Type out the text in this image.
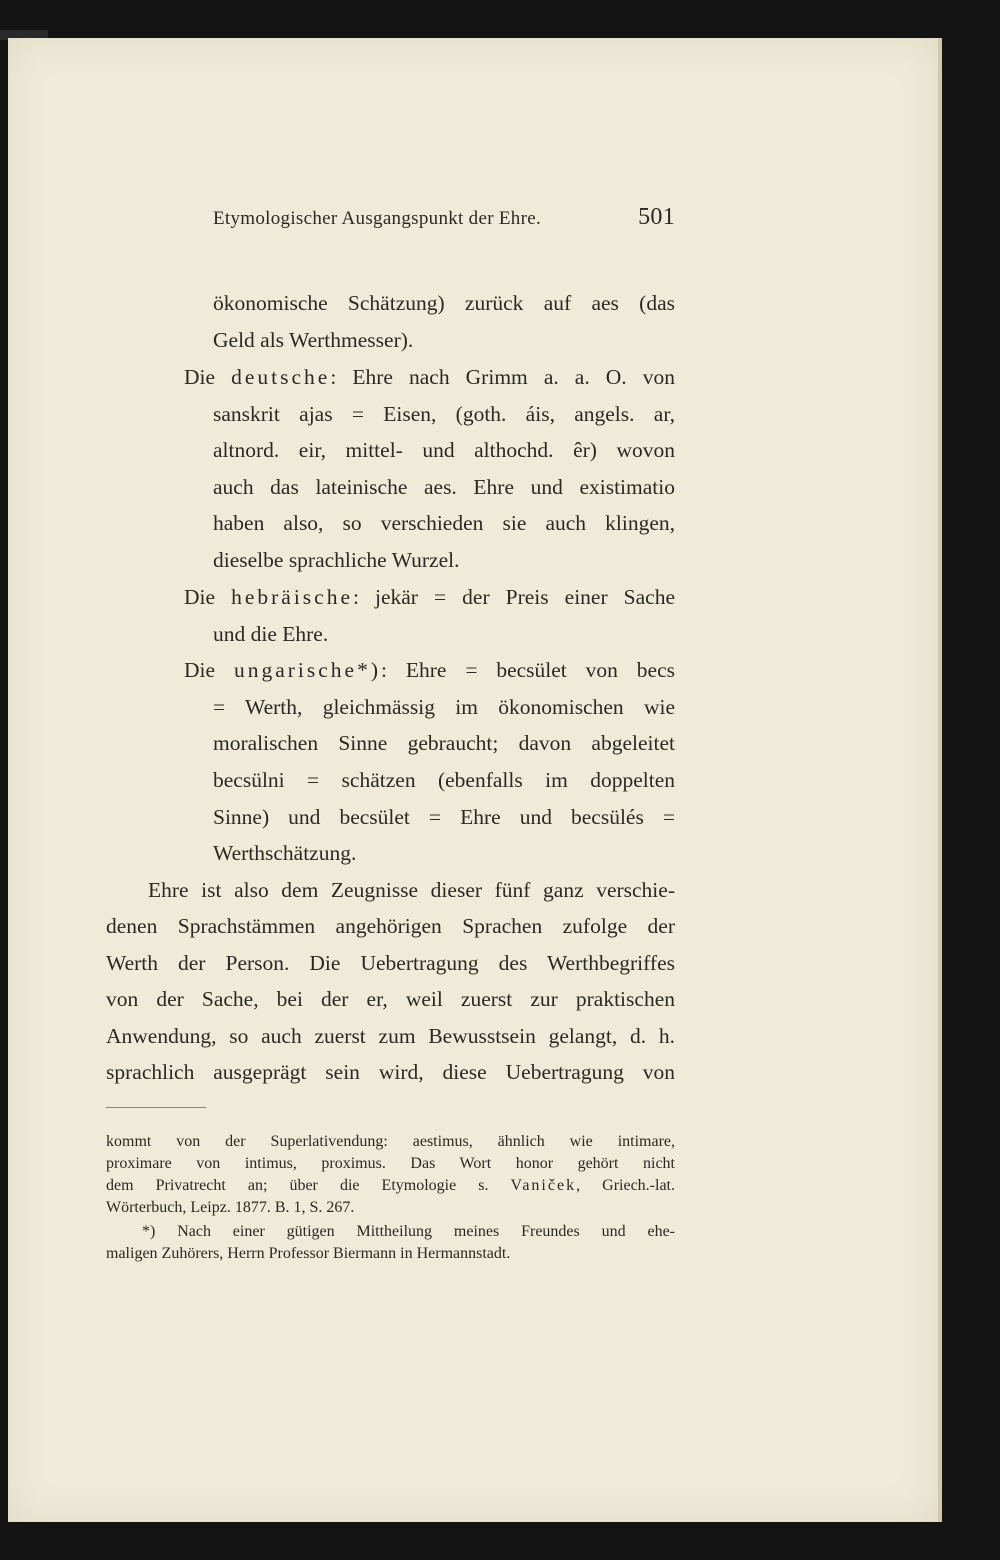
Etymologischer Ausgangspunkt der Ehre.	501
ökonomische Schätzung) zurück auf aes (das
Geld als Werthmesser).
Die deutsche: Ehre nach Grimm a. a. O. von
sanskrit ajas = Eisen, (goth. áis, angels. ar,
altnord. eir, mittel- und althochd. êr) wovon
auch das lateinische aes. Ehre und existimatio
haben also, so verschieden sie auch klingen,
dieselbe sprachliche Wurzel.
Die hebräische: jekär = der Preis einer Sache
und die Ehre.
Die ungarische*): Ehre = becsület von becs
= Werth, gleichmässig im ökonomischen wie
moralischen Sinne gebraucht; davon abgeleitet
becsülni = schätzen (ebenfalls im doppelten
Sinne) und becsület = Ehre und becsülés =
Werthschätzung.
Ehre ist also dem Zeugnisse dieser fünf ganz verschie-
denen Sprachstämmen angehörigen Sprachen zufolge der
Werth der Person. Die Uebertragung des Werthbegriffes
von der Sache, bei der er, weil zuerst zur praktischen
Anwendung, so auch zuerst zum Bewusstsein gelangt, d. h.
sprachlich ausgeprägt sein wird, diese Uebertragung von
kommt von der Superlativendung: aestimus, ähnlich wie intimare,
proximare von intimus, proximus. Das Wort honor gehört nicht
dem Privatrecht an; über die Etymologie s. Vaniček, Griech.-lat.
Wörterbuch, Leipz. 1877. B. 1, S. 267.
*) Nach einer gütigen Mittheilung meines Freundes und ehe-
maligen Zuhörers, Herrn Professor Biermann in Hermannstadt.
